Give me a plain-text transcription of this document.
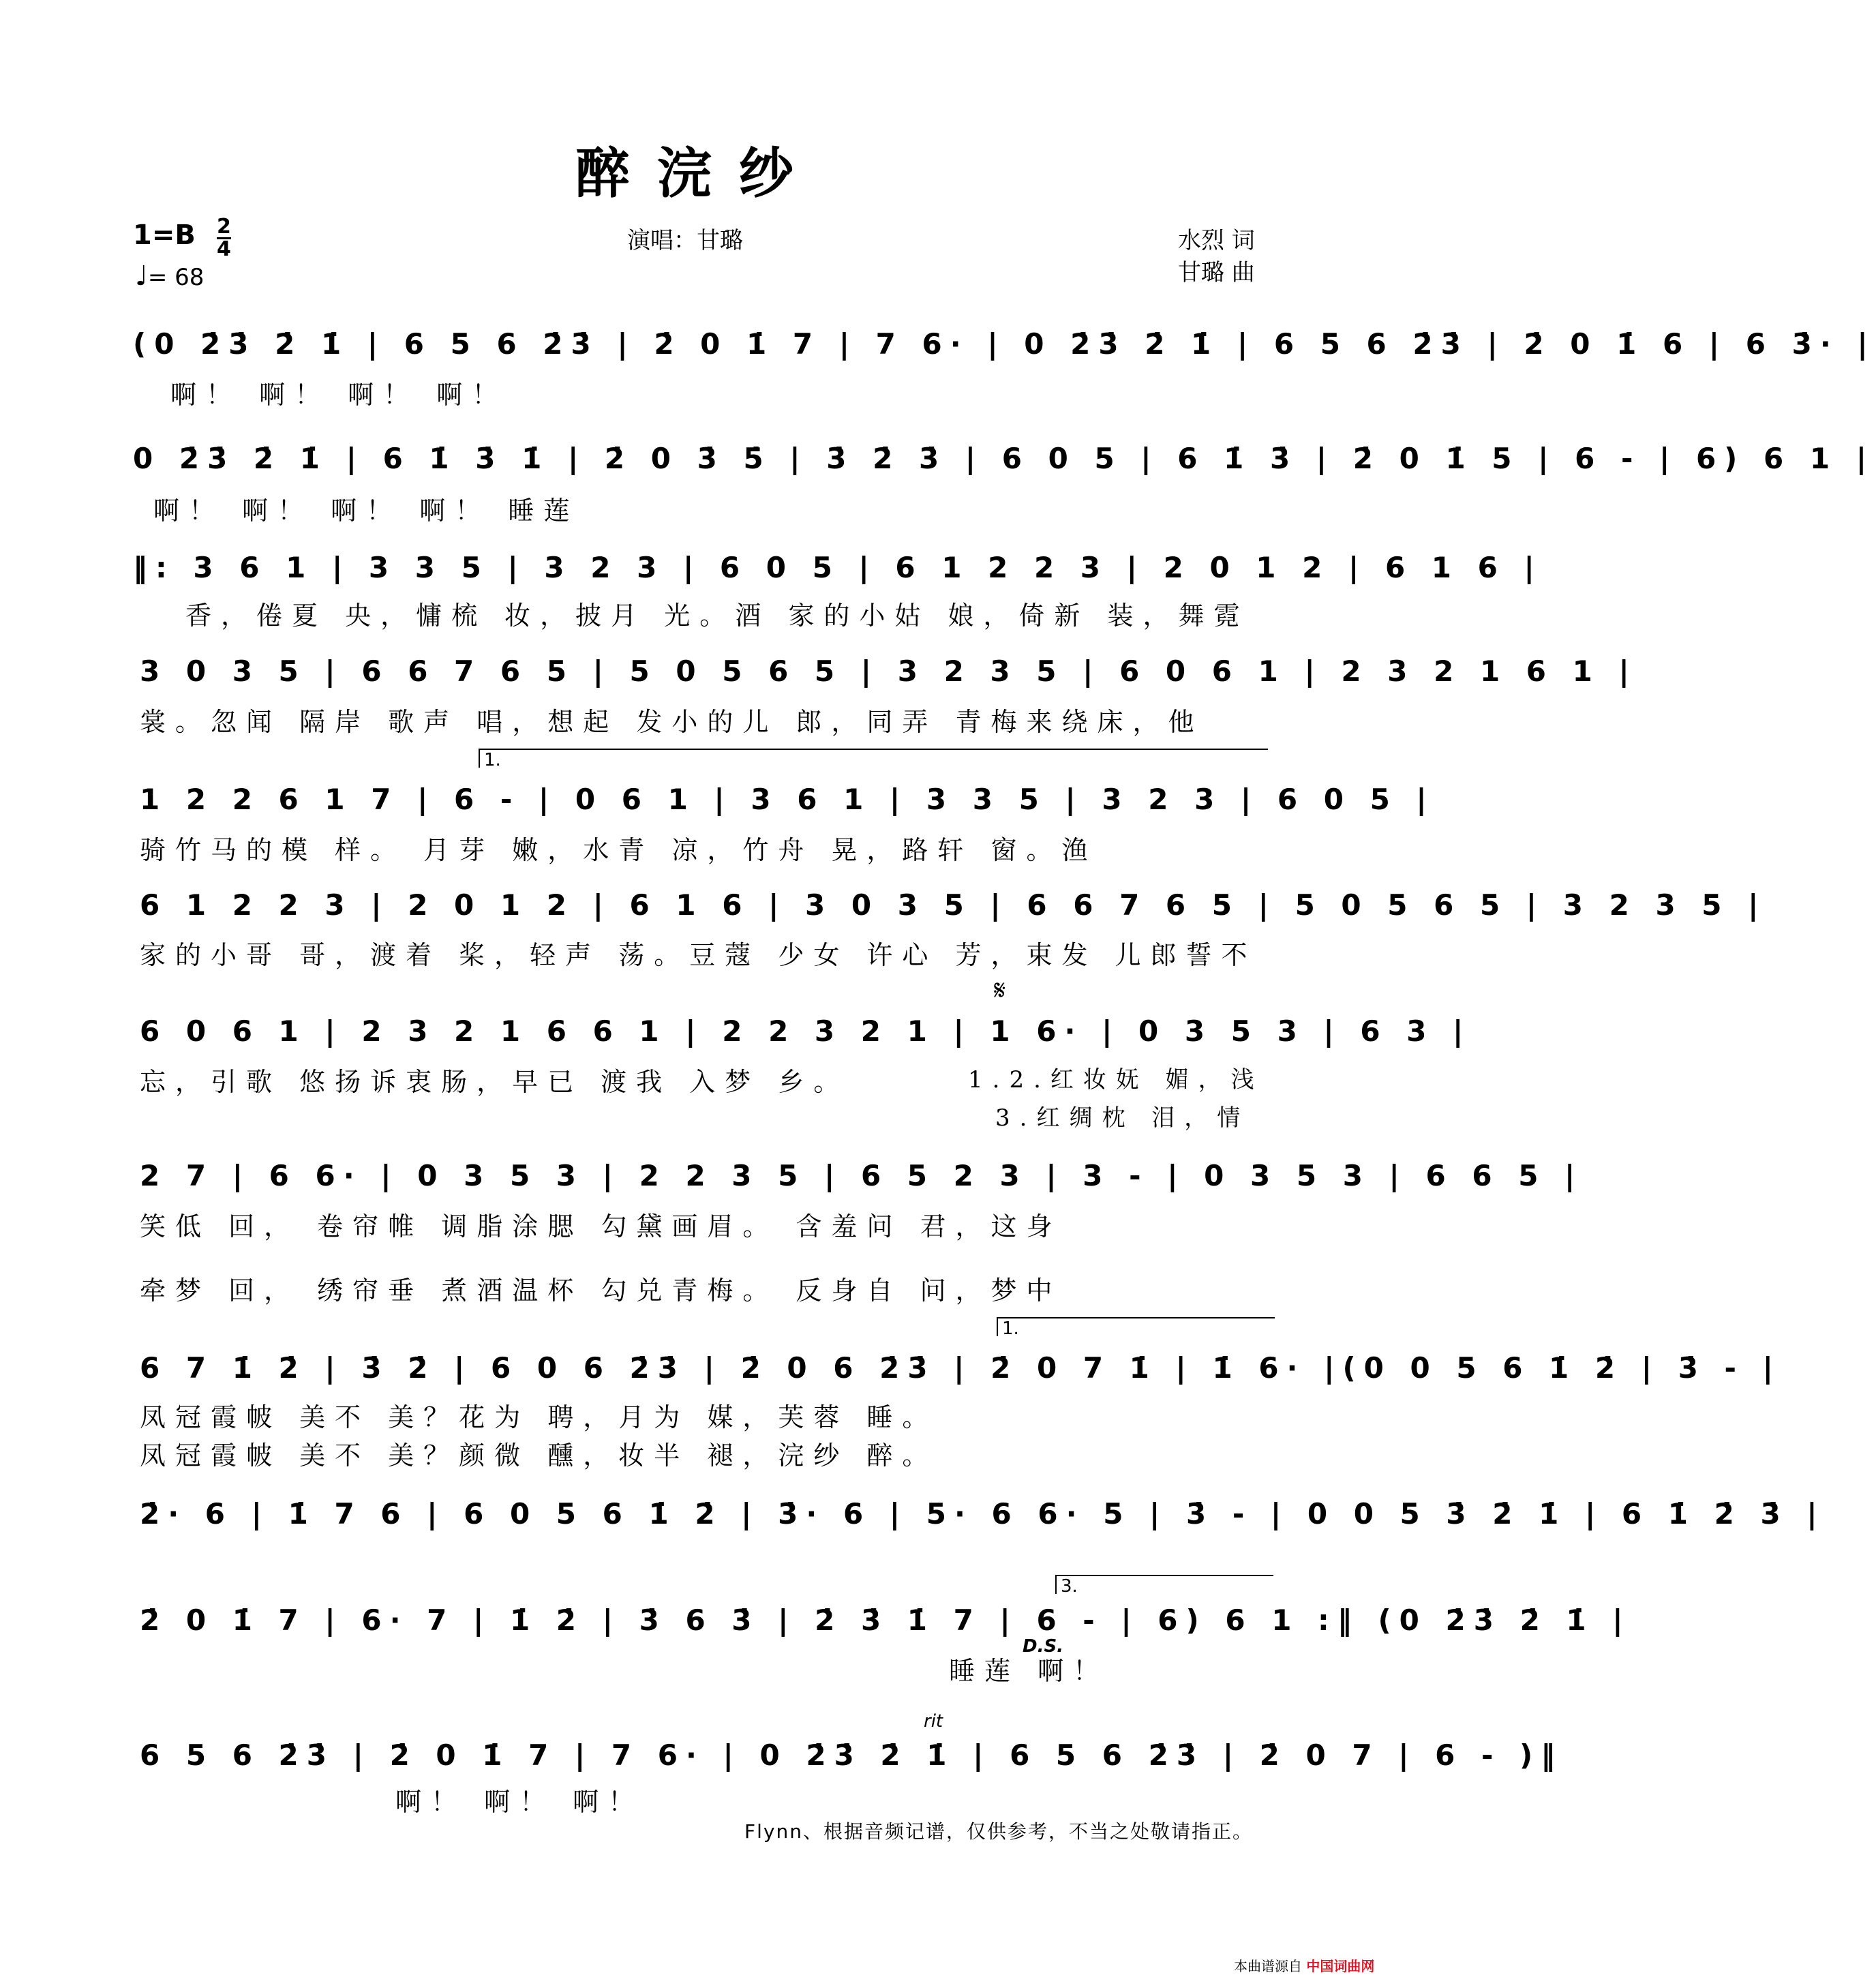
醉浣纱
1=B 2
4
♩= 68
演唱：甘璐	水烈 词
甘璐 曲
(0 2̇3̇ 2̇ 1̇ | 6 5 6 2̇3̇ | 2̇ 0 1̇ 7 | 7 6· | 0 2̇3̇ 2̇ 1̇ | 6 5 6 2̇3̇ | 2̇ 0 1̇ 6 | 6 3̇· |
啊！ 啊！ 啊！ 啊！
0 2̇3̇ 2̇ 1̇ | 6 1̇ 3̇ 1̇ | 2̇ 0 3̇ 5̇ | 3̇ 2̇ 3̇ | 6 0 5 | 6 1̇ 3̇ | 2̇ 0 1̇ 5 | 6 - | 6) 6 1 |
啊！ 啊！ 啊！ 啊！ 睡莲
‖: 3 6 1 | 3 3 5 | 3 2 3 | 6 0 5 | 6 1 2 2 3 | 2 0 1 2 | 6 1 6 |
香，倦夏 央，慵梳 妆，披月 光。酒 家的小姑 娘，倚新 装，舞霓
3 0 3 5 | 6 6 7 6 5 | 5 0 5 6 5 | 3 2 3 5 | 6 0 6 1 | 2 3 2 1 6 1 |
裳。忽闻 隔岸 歌声 唱，想起 发小的儿 郎，同弄 青梅来绕床，他
1.
1 2 2 6 1 7 | 6 - | 0 6 1 | 3 6 1 | 3 3 5 | 3 2 3 | 6 0 5 |
骑竹马的模 样。 月芽 嫩，水青 凉，竹舟 晃，路轩 窗。渔
6 1 2 2 3 | 2 0 1 2 | 6 1 6 | 3 0 3 5 | 6 6 7 6 5 | 5 0 5 6 5 | 3 2 3 5 |
家的小哥 哥，渡着 桨，轻声 荡。豆蔻 少女 许心 芳，束发 儿郎誓不
𝄋
6 0 6 1 | 2 3 2 1 6 6 1 | 2 2 3 2 1 | 1 6· | 0 3 5 3 | 6 3 |
忘，引歌 悠扬诉衷肠，早已 渡我 入梦 乡。	1.2.红妆妩 媚，浅
3.红绸枕 泪，情
2 7 | 6 6· | 0 3 5 3 | 2 2 3 5 | 6 5 2 3 | 3 - | 0 3 5 3 | 6 6 5 |
笑低 回， 卷帘帷 调脂涂腮 勾黛画眉。 含羞问 君，这身
牵梦 回， 绣帘垂 煮酒温杯 勾兑青梅。 反身自 问，梦中
1.
6 7 1̇ 2̇ | 3̇ 2̇ | 6 0 6 2̇3̇ | 2̇ 0 6 2̇3̇ | 2̇ 0 7 1̇ | 1̇ 6· |(0 0 5 6 1̇ 2̇ | 3̇ - |
凤冠霞帔 美不 美？花为 聘，月为 媒，芙蓉 睡。
凤冠霞帔 美不 美？颜微 醺，妆半 褪，浣纱 醉。
2̇· 6 | 1̇ 7 6 | 6 0 5 6 1̇ 2̇ | 3̇· 6 | 5· 6 6· 5 | 3̇ - | 0 0 5 3̇ 2̇ 1̇ | 6 1̇ 2̇ 3̇ |
3.
2̇ 0 1̇ 7 | 6· 7 | 1̇ 2̇ | 3̇ 6 3̇ | 2̇ 3̇ 1̇ 7 | 6 - | 6) 6 1 :‖ (0 2̇3̇ 2̇ 1̇ |
睡莲 啊！
D.S.
rit
6 5 6 2̇3̇ | 2̇ 0 1̇ 7 | 7 6· | 0 2̇3̇ 2̇ 1̇ | 6 5 6 2̇3̇ | 2̇ 0 7 | 6 - )‖
啊！ 啊！ 啊！
Flynn、根据音频记谱，仅供参考，不当之处敬请指正。
本曲谱源自 中国词曲网
